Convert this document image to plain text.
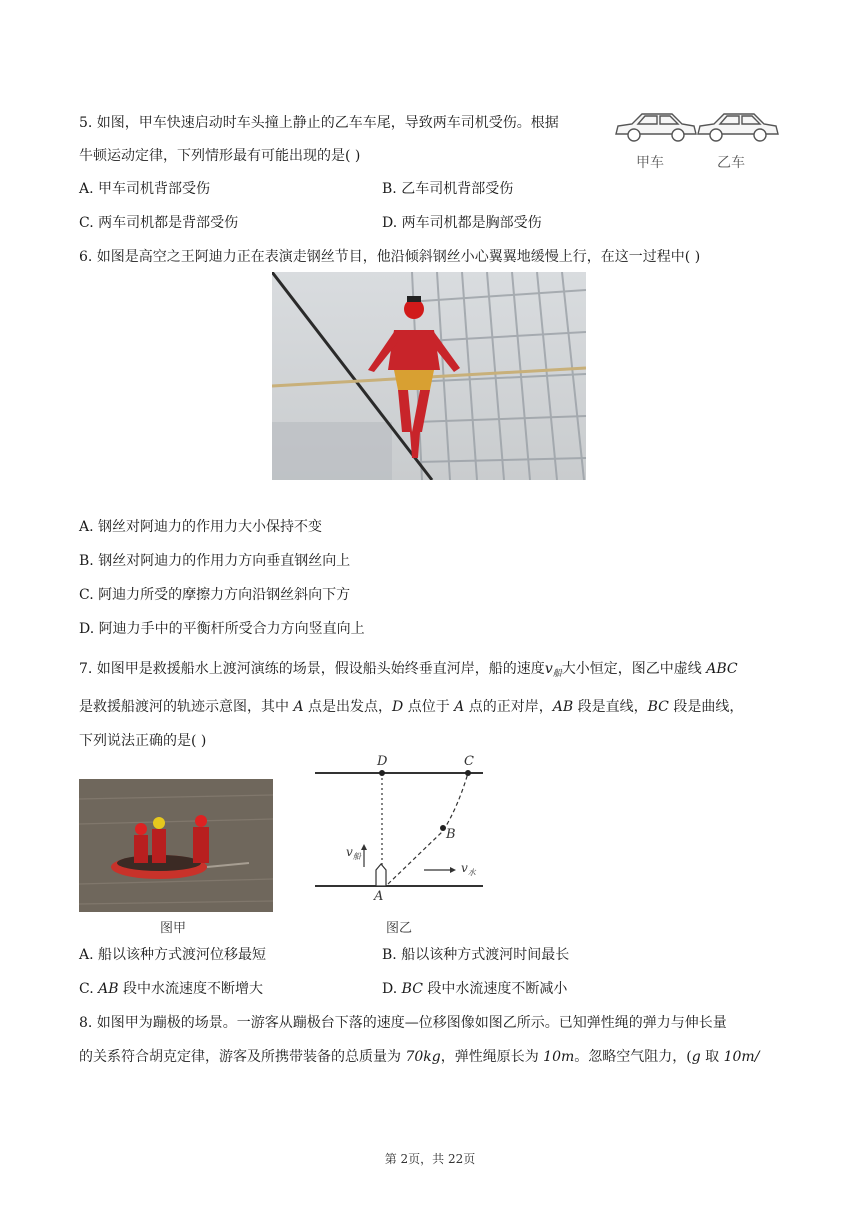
5. 如图，甲车快速启动时车头撞上静止的乙车车尾，导致两车司机受伤。根据
牛顿运动定律，下列情形最有可能出现的是( )	甲车	乙车
A. 甲车司机背部受伤	B. 乙车司机背部受伤
C. 两车司机都是背部受伤	D. 两车司机都是胸部受伤
6. 如图是高空之王阿迪力正在表演走钢丝节目，他沿倾斜钢丝小心翼翼地缓慢上行，在这一过程中( )
A. 钢丝对阿迪力的作用力大小保持不变
B. 钢丝对阿迪力的作用力方向垂直钢丝向上
C. 阿迪力所受的摩擦力方向沿钢丝斜向下方
D. 阿迪力手中的平衡杆所受合力方向竖直向上
7. 如图甲是救援船水上渡河演练的场景，假设船头始终垂直河岸，船的速度$v_船$大小恒定，图乙中虚线 ABC
是救援船渡河的轨迹示意图，其中 A 点是出发点，D 点位于 A 点的正对岸，AB 段是直线，BC 段是曲线，
下列说法正确的是( )
图甲
D	C
B
A
$v_船$
$v_水$
图乙
A. 船以该种方式渡河位移最短	B. 船以该种方式渡河时间最长
C. AB 段中水流速度不断增大	D. BC 段中水流速度不断减小
8. 如图甲为蹦极的场景。一游客从蹦极台下落的速度—位移图像如图乙所示。已知弹性绳的弹力与伸长量
的关系符合胡克定律，游客及所携带装备的总质量为 70kg，弹性绳原长为 10m。忽略空气阻力，(g 取 10m/
第 2页，共 22页
